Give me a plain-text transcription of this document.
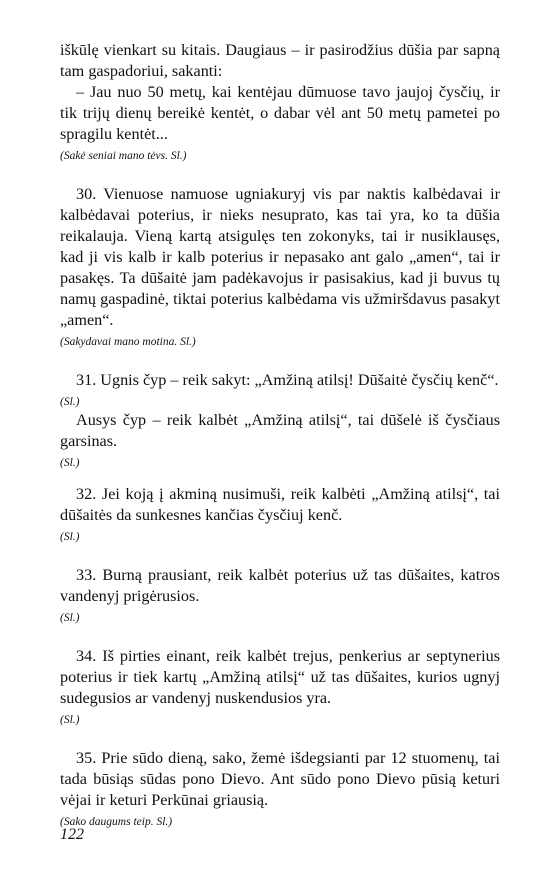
iškūlę vienkart su kitais. Daugiaus – ir pasirodžius dūšia par sapną tam gaspadoriui, sakanti:

– Jau nuo 50 metų, kai kentėjau dūmuose tavo jaujoj čysčių, ir tik trijų dienų bereikė kentėt, o dabar vėl ant 50 metų pametei po spragilu kentėt...

(Sakė seniai mano tėvs. Sl.)

30. Vienuose namuose ugniakuryj vis par naktis kalbėdavai ir kalbėdavai poterius, ir nieks nesuprato, kas tai yra, ko ta dūšia reikalauja. Vieną kartą atsigulęs ten zokonyks, tai ir nusiklausęs, kad ji vis kalb ir kalb poterius ir nepasako ant galo „amen“, tai ir pasakęs. Ta dūšaitė jam padėkavojus ir pasisakius, kad ji buvus tų namų gaspadinė, tiktai poterius kalbėdama vis užmiršdavus pasakyt „amen“.

(Sakydavai mano motina. Sl.)

31. Ugnis čyp – reik sakyt: „Amžiną atilsį! Dūšaitė čysčių kenč“.

(Sl.)

Ausys čyp – reik kalbėt „Amžiną atilsį“, tai dūšelė iš čysčiaus garsinas.

(Sl.)

32. Jei koją į akminą nusimuši, reik kalbėti „Amžiną atilsį“, tai dūšaitės da sunkesnes kančias čysčiuj kenč.

(Sl.)

33. Burną prausiant, reik kalbėt poterius už tas dūšaites, katros vandenyj prigėrusios.

(Sl.)

34. Iš pirties einant, reik kalbėt trejus, penkerius ar septynerius poterius ir tiek kartų „Amžiną atilsį“ už tas dūšaites, kurios ugnyj sudegusios ar vandenyj nuskendusios yra.

(Sl.)

35. Prie sūdo dieną, sako, žemė išdegsianti par 12 stuomenų, tai tada būsiąs sūdas pono Dievo. Ant sūdo pono Dievo pūsią keturi vėjai ir keturi Perkūnai griausią.

(Sako daugums teip. Sl.)

122
